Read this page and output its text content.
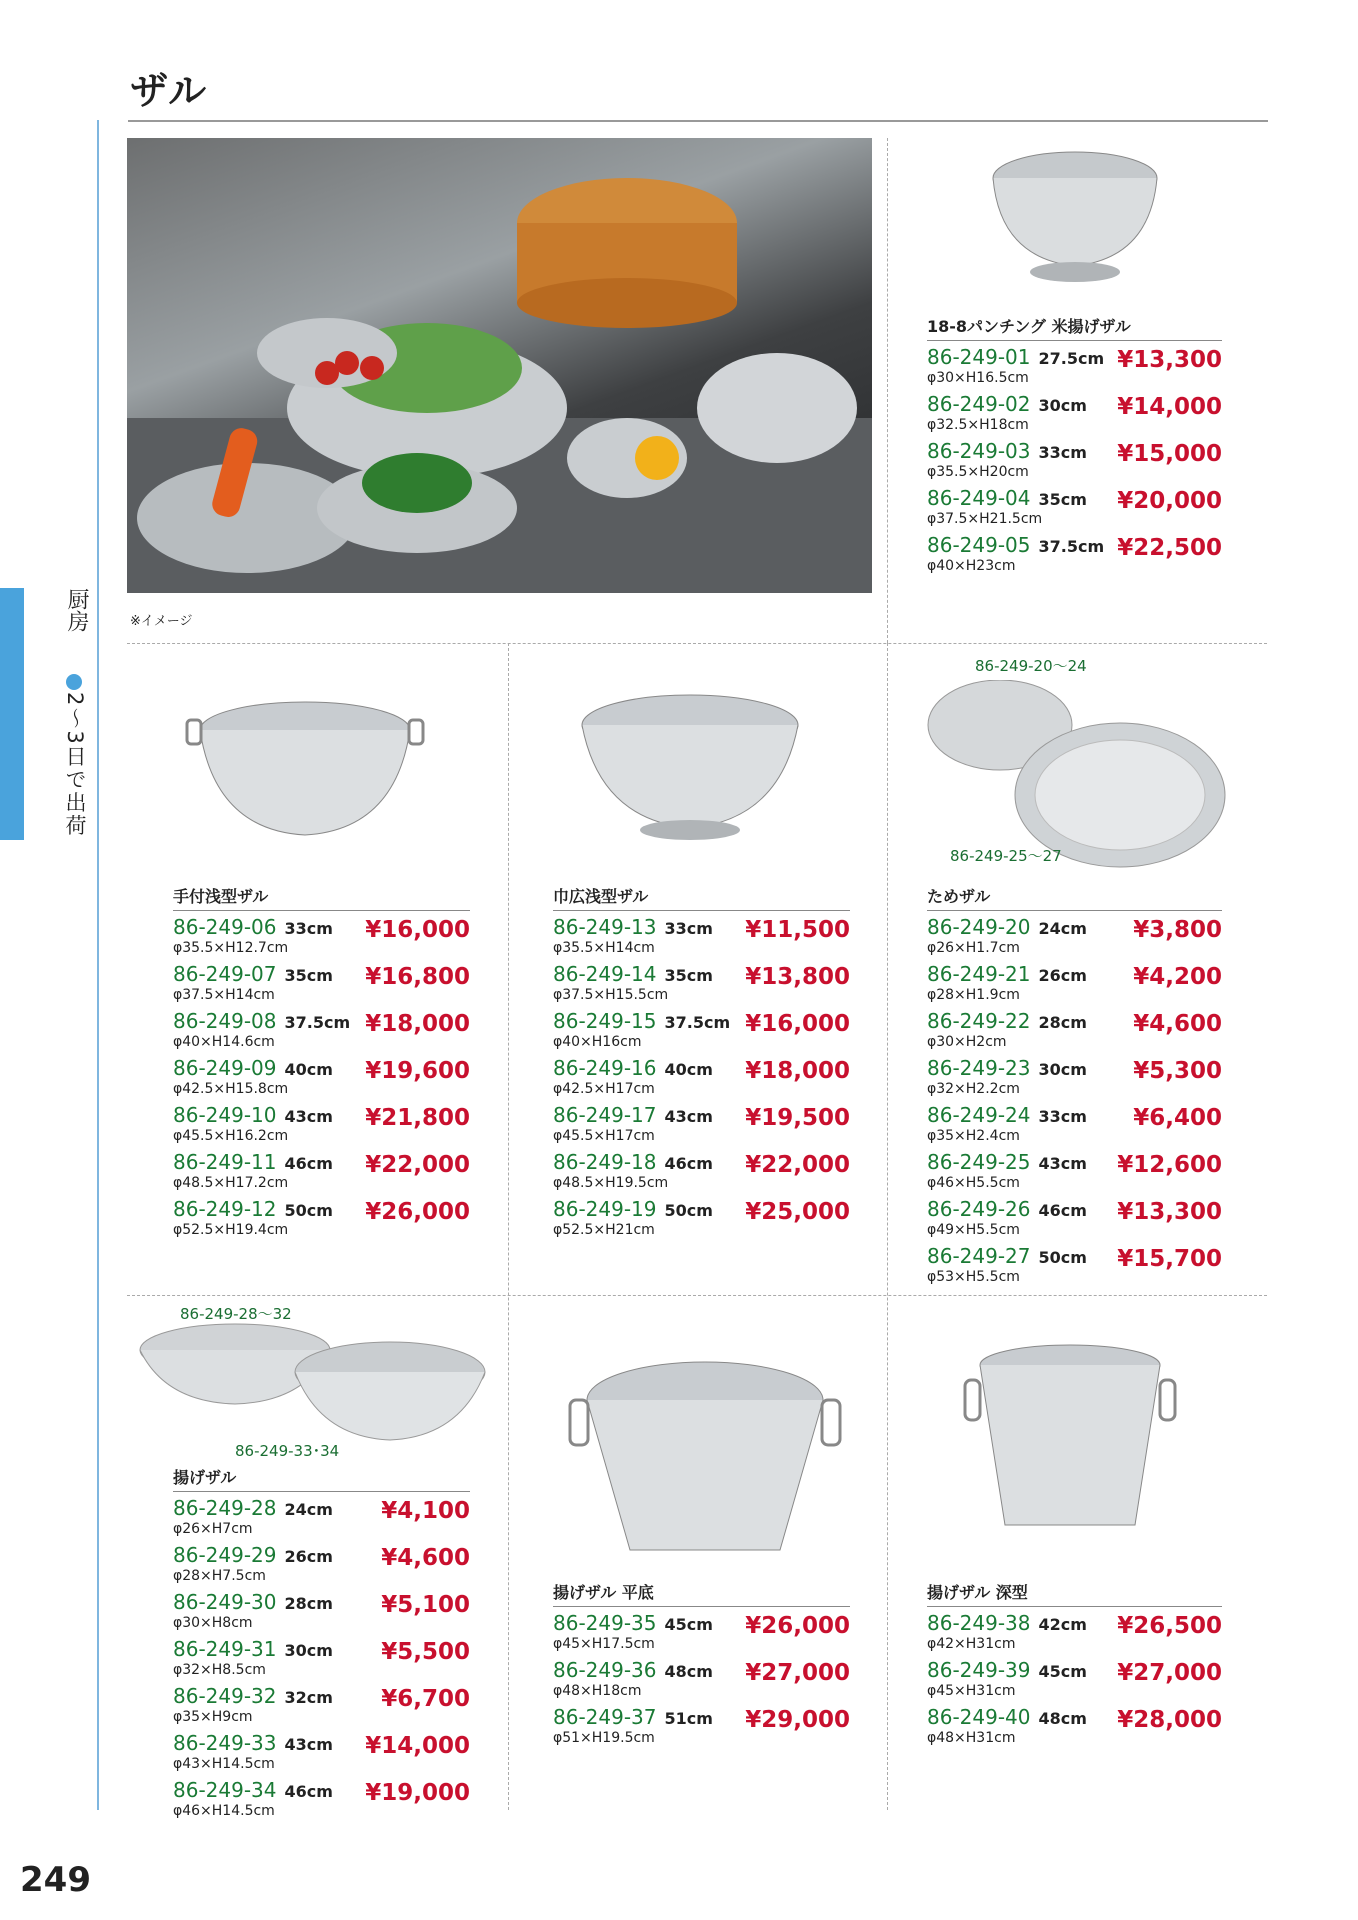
ザル
厨房
2〜3日で出荷
249
※イメージ
86-249-20〜24
86-249-25〜27
86-249-28〜32
86-249-33･34
18-8パンチング 米揚げザル
86-249-01 27.5cm ¥13,300
φ30×H16.5cm
86-249-02 30cm ¥14,000
φ32.5×H18cm
86-249-03 33cm ¥15,000
φ35.5×H20cm
86-249-04 35cm ¥20,000
φ37.5×H21.5cm
86-249-05 37.5cm ¥22,500
φ40×H23cm
手付浅型ザル
86-249-06 33cm ¥16,000
φ35.5×H12.7cm
86-249-07 35cm ¥16,800
φ37.5×H14cm
86-249-08 37.5cm ¥18,000
φ40×H14.6cm
86-249-09 40cm ¥19,600
φ42.5×H15.8cm
86-249-10 43cm ¥21,800
φ45.5×H16.2cm
86-249-11 46cm ¥22,000
φ48.5×H17.2cm
86-249-12 50cm ¥26,000
φ52.5×H19.4cm
巾広浅型ザル
86-249-13 33cm ¥11,500
φ35.5×H14cm
86-249-14 35cm ¥13,800
φ37.5×H15.5cm
86-249-15 37.5cm ¥16,000
φ40×H16cm
86-249-16 40cm ¥18,000
φ42.5×H17cm
86-249-17 43cm ¥19,500
φ45.5×H17cm
86-249-18 46cm ¥22,000
φ48.5×H19.5cm
86-249-19 50cm ¥25,000
φ52.5×H21cm
ためザル
86-249-20 24cm ¥3,800
φ26×H1.7cm
86-249-21 26cm ¥4,200
φ28×H1.9cm
86-249-22 28cm ¥4,600
φ30×H2cm
86-249-23 30cm ¥5,300
φ32×H2.2cm
86-249-24 33cm ¥6,400
φ35×H2.4cm
86-249-25 43cm ¥12,600
φ46×H5.5cm
86-249-26 46cm ¥13,300
φ49×H5.5cm
86-249-27 50cm ¥15,700
φ53×H5.5cm
揚げザル
86-249-28 24cm ¥4,100
φ26×H7cm
86-249-29 26cm ¥4,600
φ28×H7.5cm
86-249-30 28cm ¥5,100
φ30×H8cm
86-249-31 30cm ¥5,500
φ32×H8.5cm
86-249-32 32cm ¥6,700
φ35×H9cm
86-249-33 43cm ¥14,000
φ43×H14.5cm
86-249-34 46cm ¥19,000
φ46×H14.5cm
揚げザル 平底
86-249-35 45cm ¥26,000
φ45×H17.5cm
86-249-36 48cm ¥27,000
φ48×H18cm
86-249-37 51cm ¥29,000
φ51×H19.5cm
揚げザル 深型
86-249-38 42cm ¥26,500
φ42×H31cm
86-249-39 45cm ¥27,000
φ45×H31cm
86-249-40 48cm ¥28,000
φ48×H31cm
